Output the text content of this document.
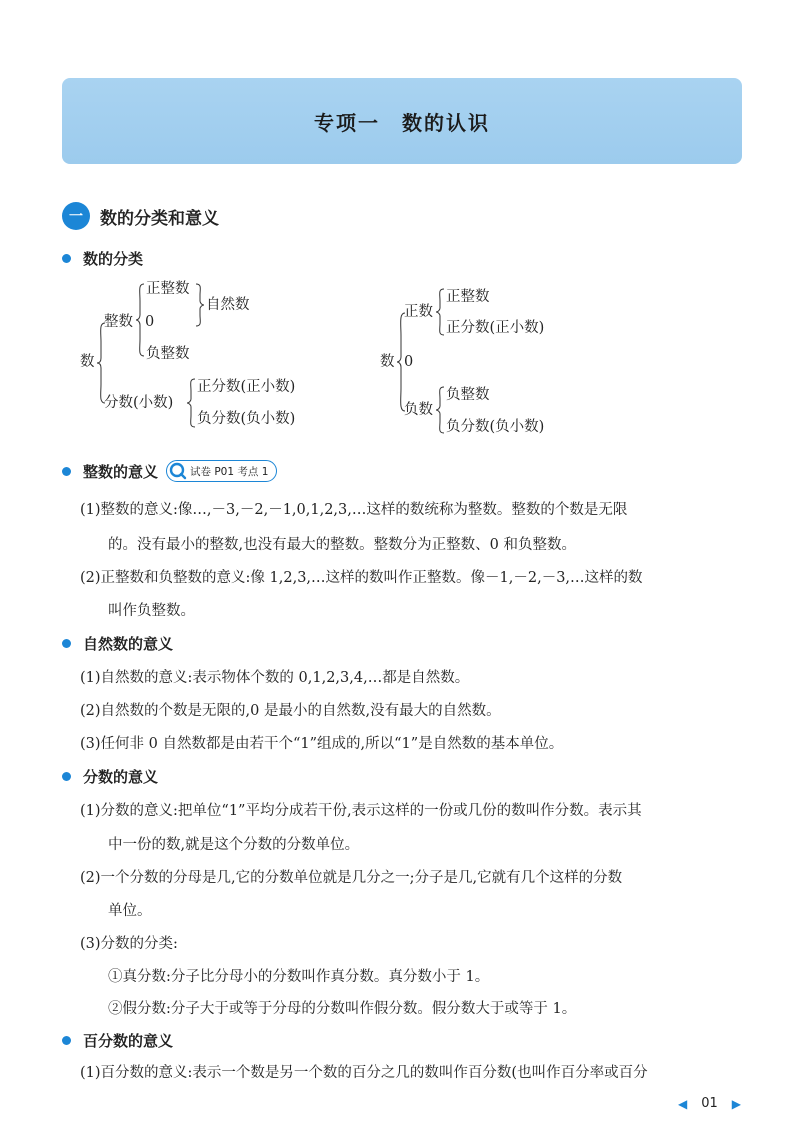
专项一　数的认识
一	数的分类和意义
数的分类
数
整数
正整数
0
负整数
自然数
分数(小数)
正分数(正小数)
负分数(负小数)
数
正数
0
负数
正整数
正分数(正小数)
负整数
负分数(负小数)
整数的意义	试卷 P01 考点 1
(1)整数的意义:像…,－3,－2,－1,0,1,2,3,…这样的数统称为整数。整数的个数是无限
的。没有最小的整数,也没有最大的整数。整数分为正整数、0 和负整数。
(2)正整数和负整数的意义:像 1,2,3,…这样的数叫作正整数。像－1,－2,－3,…这样的数
叫作负整数。
自然数的意义
(1)自然数的意义:表示物体个数的 0,1,2,3,4,…都是自然数。
(2)自然数的个数是无限的,0 是最小的自然数,没有最大的自然数。
(3)任何非 0 自然数都是由若干个“1”组成的,所以“1”是自然数的基本单位。
分数的意义
(1)分数的意义:把单位“1”平均分成若干份,表示这样的一份或几份的数叫作分数。表示其
中一份的数,就是这个分数的分数单位。
(2)一个分数的分母是几,它的分数单位就是几分之一;分子是几,它就有几个这样的分数
单位。
(3)分数的分类:
①真分数:分子比分母小的分数叫作真分数。真分数小于 1。
②假分数:分子大于或等于分母的分数叫作假分数。假分数大于或等于 1。
百分数的意义
(1)百分数的意义:表示一个数是另一个数的百分之几的数叫作百分数(也叫作百分率或百分
◀ 01 ▶
